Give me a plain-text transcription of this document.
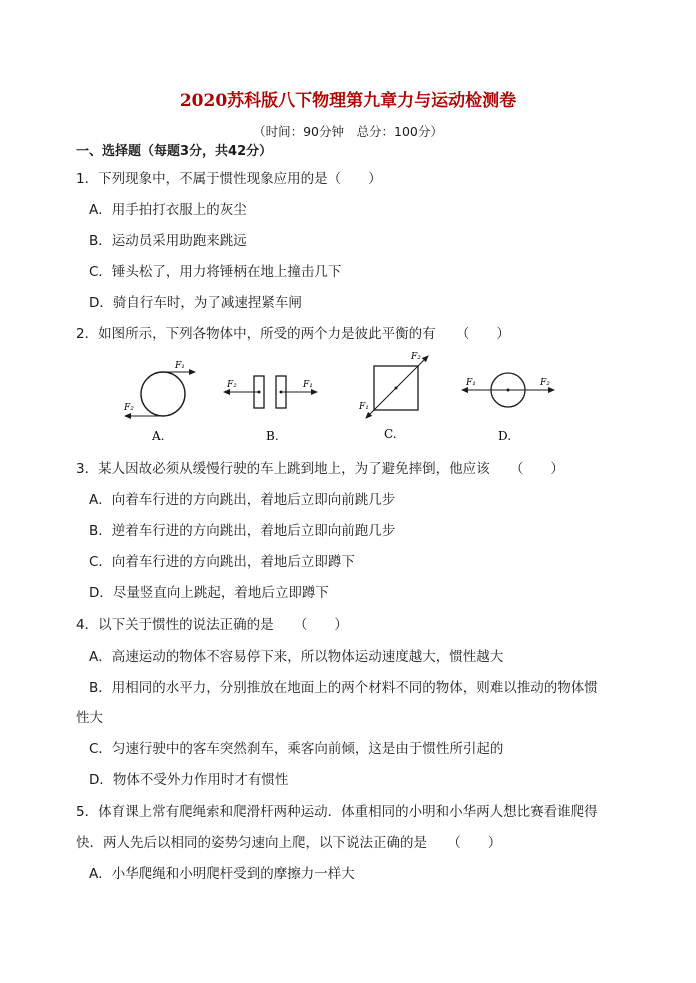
2020苏科版八下物理第九章力与运动检测卷
（时间：90分钟　总分：100分）
一、选择题（每题3分，共42分）
1．下列现象中，不属于惯性现象应用的是（　　）
A．用手拍打衣服上的灰尘
B．运动员采用助跑来跳远
C．锤头松了，用力将锤柄在地上撞击几下
D．骑自行车时，为了减速捏紧车闸
2．如图所示，下列各物体中，所受的两个力是彼此平衡的有　　（　　）
F₁
F₂
A.
F₂	F₁
B.
F₂
F₁
C.
F₁	F₂
D.
3．某人因故必须从缓慢行驶的车上跳到地上，为了避免摔倒，他应该　　（　　）
A．向着车行进的方向跳出，着地后立即向前跳几步
B．逆着车行进的方向跳出，着地后立即向前跑几步
C．向着车行进的方向跳出，着地后立即蹲下
D．尽量竖直向上跳起，着地后立即蹲下
4．以下关于惯性的说法正确的是　　（　　）
A．高速运动的物体不容易停下来，所以物体运动速度越大，惯性越大
B．用相同的水平力，分别推放在地面上的两个材料不同的物体，则难以推动的物体惯
性大
C．匀速行驶中的客车突然刹车，乘客向前倾，这是由于惯性所引起的
D．物体不受外力作用时才有惯性
5．体育课上常有爬绳索和爬滑杆两种运动．体重相同的小明和小华两人想比赛看谁爬得
快．两人先后以相同的姿势匀速向上爬，以下说法正确的是　　（　　）
A．小华爬绳和小明爬杆受到的摩擦力一样大
